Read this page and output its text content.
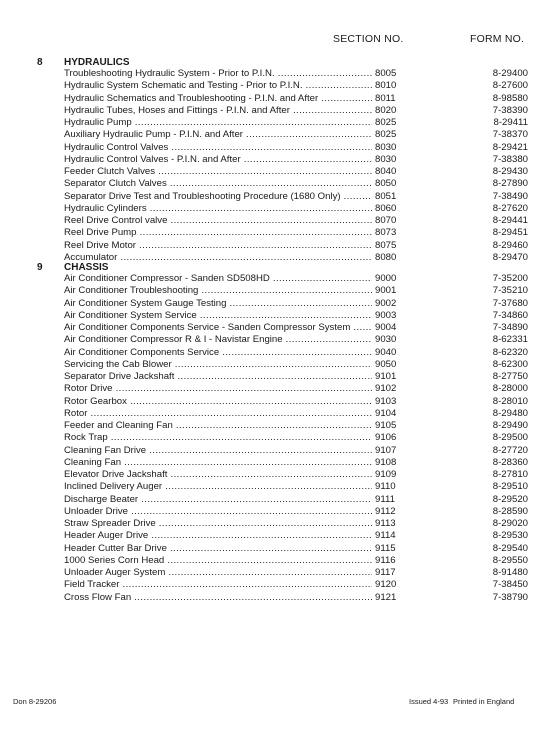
SECTION NO.	FORM NO.
8 HYDRAULICS
Troubleshooting Hydraulic System - Prior to P.I.N. .....	8005	8-29400
Hydraulic System Schematic and Testing - Prior to P.I.N. .....	8010	8-27600
Hydraulic Schematics and Troubleshooting - P.I.N. and After .....	8011	8-98580
Hydraulic Tubes, Hoses and Fittings - P.I.N. and After .....	8020	7-38390
Hydraulic Pump .....	8025	8-29411
Auxiliary Hydraulic Pump - P.I.N. and After .....	8025	7-38370
Hydraulic Control Valves .....	8030	8-29421
Hydraulic Control Valves - P.I.N. and After .....	8030	7-38380
Feeder Clutch Valves .....	8040	8-29430
Separator Clutch Valves .....	8050	8-27890
Separator Drive Test and Troubleshooting Procedure (1680 Only) .....	8051	7-38490
Hydraulic Cylinders .....	8060	8-27620
Reel Drive Control valve .....	8070	8-29441
Reel Drive Pump .....	8073	8-29451
Reel Drive Motor .....	8075	8-29460
Accumulator .....	8080	8-29470
9 CHASSIS
Air Conditioner Compressor - Sanden SD508HD .....	9000	7-35200
Air Conditioner Troubleshooting .....	9001	7-35210
Air Conditioner System Gauge Testing .....	9002	7-37680
Air Conditioner System Service .....	9003	7-34860
Air Conditioner Components Service - Sanden Compressor System .....	9004	7-34890
Air Conditioner Compressor R & I - Navistar Engine .....	9030	8-62331
Air Conditioner Components Service .....	9040	8-62320
Servicing the Cab Blower .....	9050	8-62300
Separator Drive Jackshaft .....	9101	8-27750
Rotor Drive .....	9102	8-28000
Rotor Gearbox .....	9103	8-28010
Rotor .....	9104	8-29480
Feeder and Cleaning Fan .....	9105	8-29490
Rock Trap .....	9106	8-29500
Cleaning Fan Drive .....	9107	8-27720
Cleaning Fan .....	9108	8-28360
Elevator Drive Jackshaft .....	9109	8-27810
Inclined Delivery Auger .....	9110	8-29510
Discharge Beater .....	9111	8-29520
Unloader Drive .....	9112	8-28590
Straw Spreader Drive .....	9113	8-29020
Header Auger Drive .....	9114	8-29530
Header Cutter Bar Drive .....	9115	8-29540
1000 Series Corn Head .....	9116	8-29550
Unloader Auger System .....	9117	8-91480
Field Tracker .....	9120	7-38450
Cross Flow Fan .....	9121	7-38790
Don 8-29206	Issued 4-93 Printed in England
